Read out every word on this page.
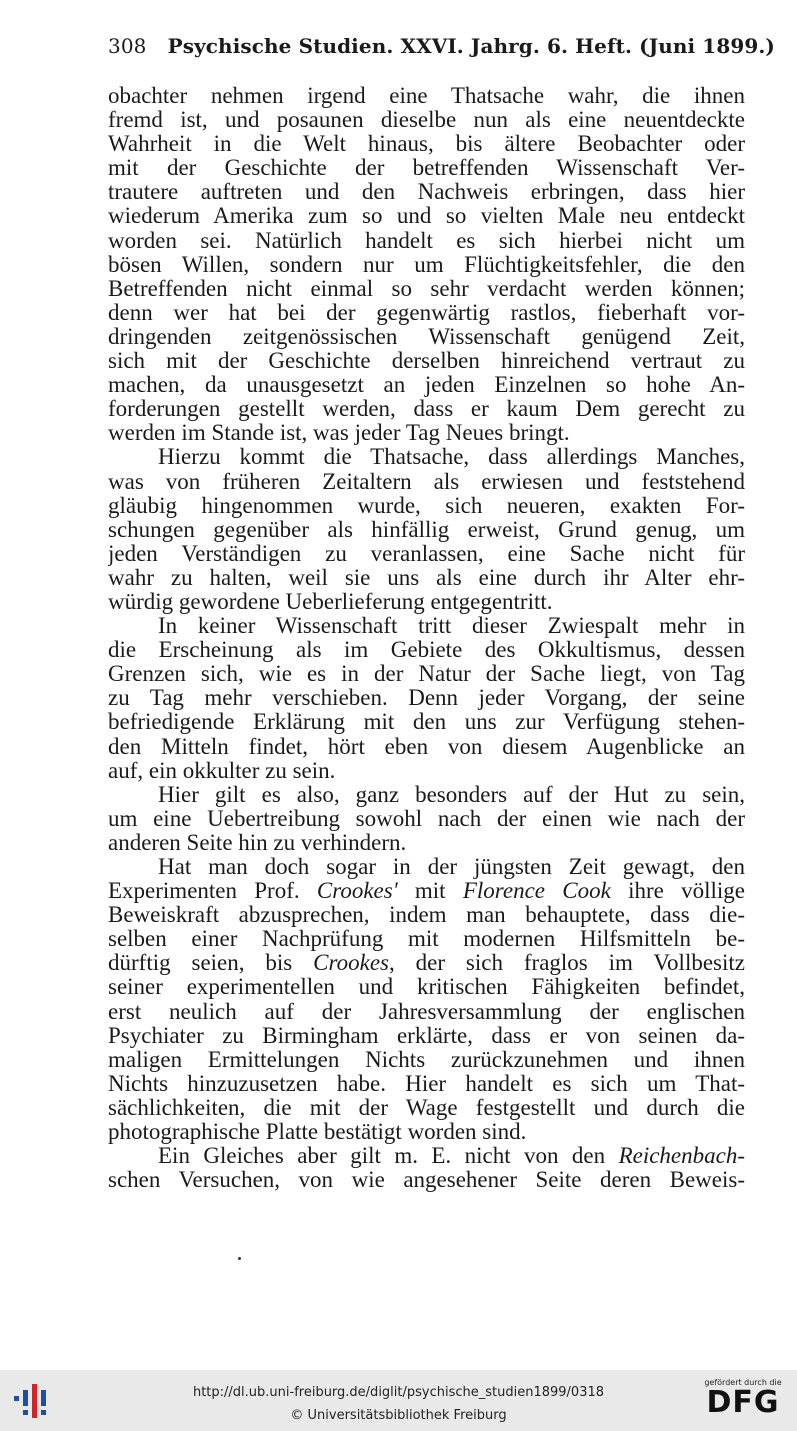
308 Psychische Studien. XXVI. Jahrg. 6. Heft. (Juni 1899.)
obachter nehmen irgend eine Thatsache wahr, die ihnen
fremd ist, und posaunen dieselbe nun als eine neuentdeckte
Wahrheit in die Welt hinaus, bis ältere Beobachter oder
mit der Geschichte der betreffenden Wissenschaft Ver-
trautere auftreten und den Nachweis erbringen, dass hier
wiederum Amerika zum so und so vielten Male neu entdeckt
worden sei. Natürlich handelt es sich hierbei nicht um
bösen Willen, sondern nur um Flüchtigkeitsfehler, die den
Betreffenden nicht einmal so sehr verdacht werden können;
denn wer hat bei der gegenwärtig rastlos, fieberhaft vor-
dringenden zeitgenössischen Wissenschaft genügend Zeit,
sich mit der Geschichte derselben hinreichend vertraut zu
machen, da unausgesetzt an jeden Einzelnen so hohe An-
forderungen gestellt werden, dass er kaum Dem gerecht zu
werden im Stande ist, was jeder Tag Neues bringt.
Hierzu kommt die Thatsache, dass allerdings Manches,
was von früheren Zeitaltern als erwiesen und feststehend
gläubig hingenommen wurde, sich neueren, exakten For-
schungen gegenüber als hinfällig erweist, Grund genug, um
jeden Verständigen zu veranlassen, eine Sache nicht für
wahr zu halten, weil sie uns als eine durch ihr Alter ehr-
würdig gewordene Ueberlieferung entgegentritt.
In keiner Wissenschaft tritt dieser Zwiespalt mehr in
die Erscheinung als im Gebiete des Okkultismus, dessen
Grenzen sich, wie es in der Natur der Sache liegt, von Tag
zu Tag mehr verschieben. Denn jeder Vorgang, der seine
befriedigende Erklärung mit den uns zur Verfügung stehen-
den Mitteln findet, hört eben von diesem Augenblicke an
auf, ein okkulter zu sein.
Hier gilt es also, ganz besonders auf der Hut zu sein,
um eine Uebertreibung sowohl nach der einen wie nach der
anderen Seite hin zu verhindern.
Hat man doch sogar in der jüngsten Zeit gewagt, den
Experimenten Prof. Crookes' mit Florence Cook ihre völlige
Beweiskraft abzusprechen, indem man behauptete, dass die-
selben einer Nachprüfung mit modernen Hilfsmitteln be-
dürftig seien, bis Crookes, der sich fraglos im Vollbesitz
seiner experimentellen und kritischen Fähigkeiten befindet,
erst neulich auf der Jahresversammlung der englischen
Psychiater zu Birmingham erklärte, dass er von seinen da-
maligen Ermittelungen Nichts zurückzunehmen und ihnen
Nichts hinzuzusetzen habe. Hier handelt es sich um That-
sächlichkeiten, die mit der Wage festgestellt und durch die
photographische Platte bestätigt worden sind.
Ein Gleiches aber gilt m. E. nicht von den Reichenbach-
schen Versuchen, von wie angesehener Seite deren Beweis-
http://dl.ub.uni-freiburg.de/diglit/psychische_studien1899/0318
© Universitätsbibliothek Freiburg
gefördert durch die
DFG
